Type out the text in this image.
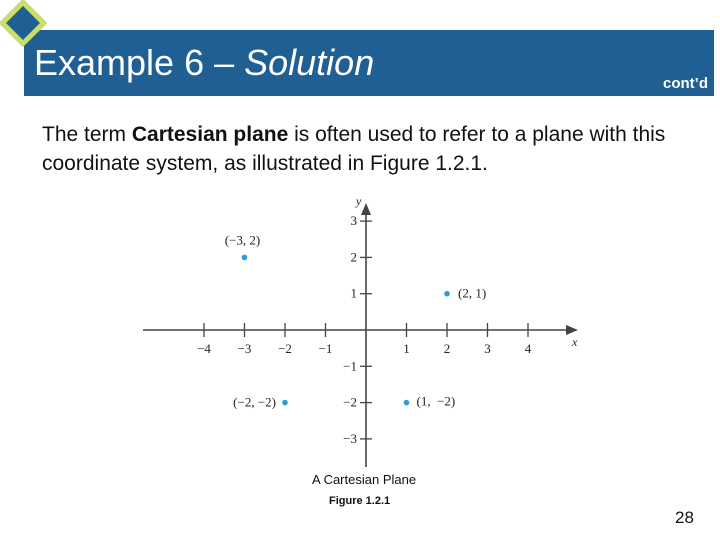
Example 6 – Solution
cont’d
The term Cartesian plane is often used to refer to a plane with this coordinate system, as illustrated in Figure 1.2.1.
x
y
−4 −3 −2 −1	1	2	3	4
3
2
1
−1
−2
−3
(−3, 2)
(2, 1)
(−2, −2)	(1, −2)
A Cartesian Plane
Figure 1.2.1
28
